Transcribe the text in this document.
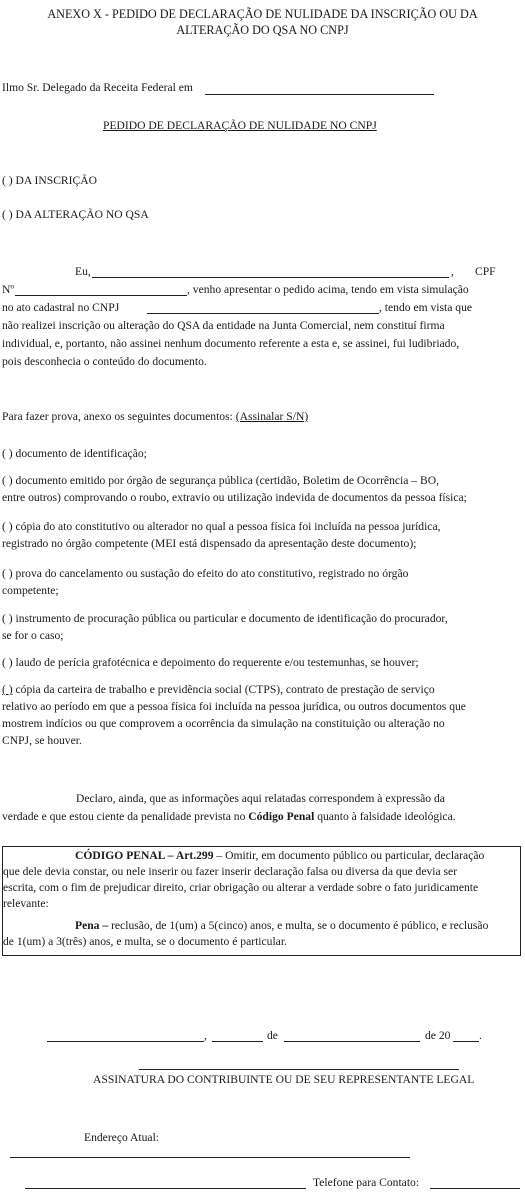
ANEXO X - PEDIDO DE DECLARAÇÃO DE NULIDADE DA INSCRIÇÃO OU DA
ALTERAÇÃO DO QSA NO CNPJ
Ilmo Sr. Delegado da Receita Federal em
PEDIDO DE DECLARAÇÃO DE NULIDADE NO CNPJ
( ) DA INSCRIÇÃO
( ) DA ALTERAÇÃO NO QSA
Eu,	, CPF
Nº	, venho apresentar o pedido acima, tendo em vista simulação
no ato cadastral no CNPJ	, tendo em vista que
não realizei inscrição ou alteração do QSA da entidade na Junta Comercial, nem constituí firma
individual, e, portanto, não assinei nenhum documento referente a esta e, se assinei, fui ludibriado,
pois desconhecia o conteúdo do documento.
Para fazer prova, anexo os seguintes documentos: (Assinalar S/N)
( ) documento de identificação;
( ) documento emitido por órgão de segurança pública (certidão, Boletim de Ocorrência – BO,
entre outros) comprovando o roubo, extravio ou utilização indevida de documentos da pessoa física;
( ) cópia do ato constitutivo ou alterador no qual a pessoa física foi incluída na pessoa jurídica,
registrado no órgão competente (MEI está dispensado da apresentação deste documento);
( ) prova do cancelamento ou sustação do efeito do ato constitutivo, registrado no órgão
competente;
( ) instrumento de procuração pública ou particular e documento de identificação do procurador,
se for o caso;
( ) laudo de perícia grafotécnica e depoimento do requerente e/ou testemunhas, se houver;
( ) cópia da carteira de trabalho e previdência social (CTPS), contrato de prestação de serviço
relativo ao período em que a pessoa física foi incluída na pessoa jurídica, ou outros documentos que
mostrem indícios ou que comprovem a ocorrência da simulação na constituição ou alteração no
CNPJ, se houver.
Declaro, ainda, que as informações aqui relatadas correspondem à expressão da
verdade e que estou ciente da penalidade prevista no Código Penal quanto à falsidade ideológica.
CÓDIGO PENAL – Art.299 – Omitir, em documento público ou particular, declaração
que dele devia constar, ou nele inserir ou fazer inserir declaração falsa ou diversa da que devia ser
escrita, com o fim de prejudicar direito, criar obrigação ou alterar a verdade sobre o fato juridicamente
relevante:
Pena – reclusão, de 1(um) a 5(cinco) anos, e multa, se o documento é público, e reclusão
de 1(um) a 3(três) anos, e multa, se o documento é particular.
,	de	de 20 .
ASSINATURA DO CONTRIBUINTE OU DE SEU REPRESENTANTE LEGAL
Endereço Atual:
Telefone para Contato:
